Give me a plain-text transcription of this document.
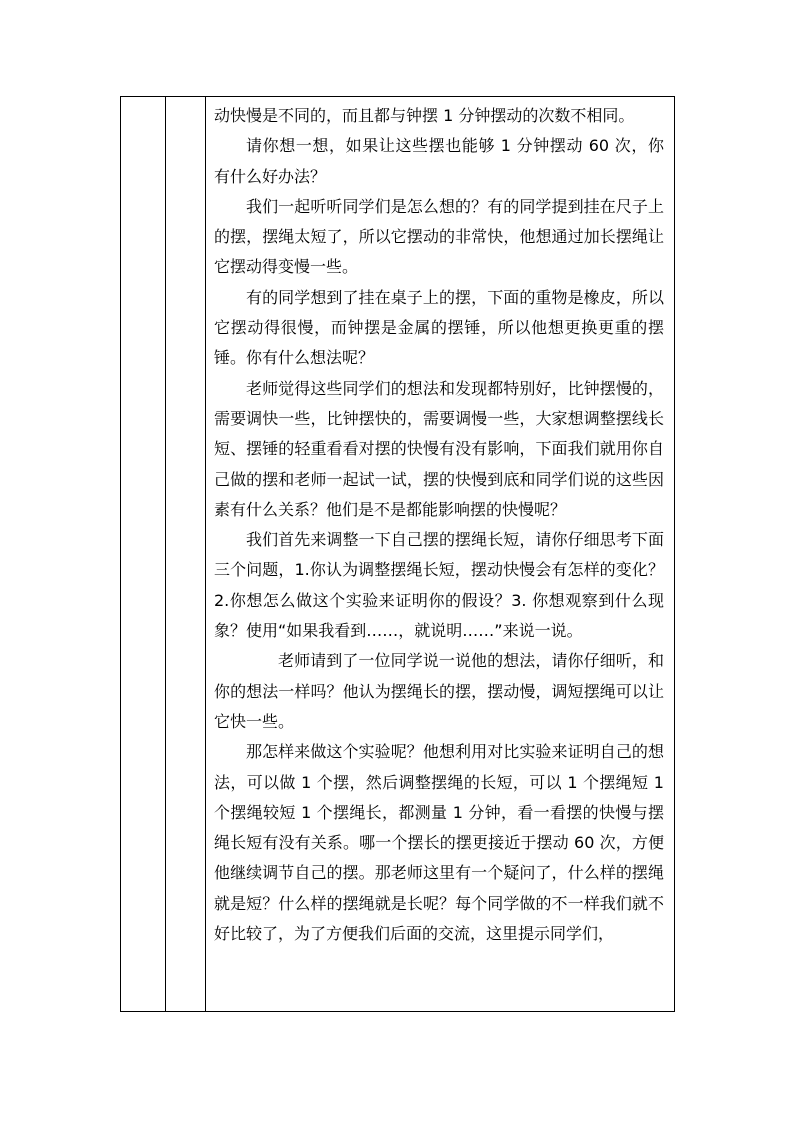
动快慢是不同的，而且都与钟摆 1 分钟摆动的次数不相同。

请你想一想，如果让这些摆也能够 1 分钟摆动 60 次，你有什么好办法？

我们一起听听同学们是怎么想的？有的同学提到挂在尺子上的摆，摆绳太短了，所以它摆动的非常快，他想通过加长摆绳让它摆动得变慢一些。

有的同学想到了挂在桌子上的摆，下面的重物是橡皮，所以它摆动得很慢，而钟摆是金属的摆锤，所以他想更换更重的摆锤。你有什么想法呢？

老师觉得这些同学们的想法和发现都特别好，比钟摆慢的，需要调快一些，比钟摆快的，需要调慢一些，大家想调整摆线长短、摆锤的轻重看看对摆的快慢有没有影响，下面我们就用你自己做的摆和老师一起试一试，摆的快慢到底和同学们说的这些因素有什么关系？他们是不是都能影响摆的快慢呢？

我们首先来调整一下自己摆的摆绳长短，请你仔细思考下面三个问题，1.你认为调整摆绳长短，摆动快慢会有怎样的变化？2.你想怎么做这个实验来证明你的假设？3. 你想观察到什么现象？使用“如果我看到……，就说明……”来说一说。

老师请到了一位同学说一说他的想法，请你仔细听，和你的想法一样吗？他认为摆绳长的摆，摆动慢，调短摆绳可以让它快一些。

那怎样来做这个实验呢？他想利用对比实验来证明自己的想法，可以做 1 个摆，然后调整摆绳的长短，可以 1 个摆绳短 1 个摆绳较短 1 个摆绳长，都测量 1 分钟，看一看摆的快慢与摆绳长短有没有关系。哪一个摆长的摆更接近于摆动 60 次，方便他继续调节自己的摆。那老师这里有一个疑问了，什么样的摆绳就是短？什么样的摆绳就是长呢？每个同学做的不一样我们就不好比较了，为了方便我们后面的交流，这里提示同学们，
